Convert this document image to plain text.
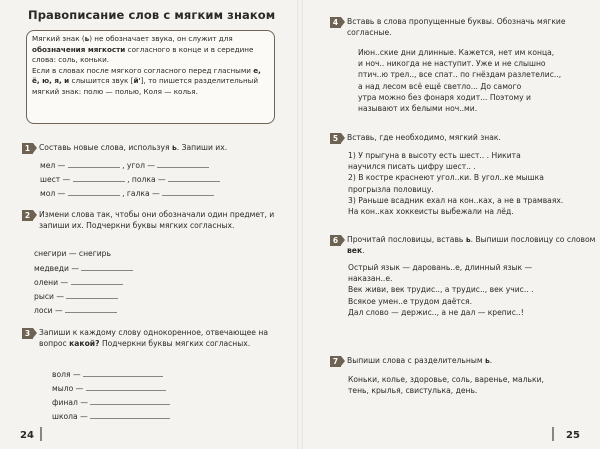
Правописание слов с мягким знаком

Мягкий знак (ь) не обозначает звука, он служит для обозначения мягкости согласного в конце и в середине слова: соль, коньки.

Если в словах после мягкого согласного перед гласными е, ё, ю, я, и слышится звук [й'], то пишется разделительный мягкий знак: полю — полью, Коля — колья.

1	Составь новые слова, используя ь. Запиши их.
мел —	, угол —
шест —	, полка —
мол —	, галка —
2	Измени слова так, чтобы они обозначали один предмет, и запиши их. Подчеркни буквы мягких согласных.
снегири — снегирь
медведи —
олени —
рыси —
лоси —
3	Запиши к каждому слову однокоренное, отвечающее на вопрос какой? Подчеркни буквы мягких согласных.
воля —
мыло —
финал —
школа —
24
4	Вставь в слова пропущенные буквы. Обозначь мягкие согласные.
Июн..ские дни длинные. Кажется, нет им конца,
и ноч.. никогда не наступит. Уже и не слышно
птич..ю трел.., все спат.. по гнёздам разлетелис..,
а над лесом всё ещё светло... До самого
утра можно без фонаря ходит... Поэтому и
называют их белыми ноч..ми.
5	Вставь, где необходимо, мягкий знак.
1) У прыгуна в высоту есть шест.. . Никита
научился писать цифру шест.. .
2) В костре краснеют угол..ки. В угол..ке мышка
прогрызла половицу.
3) Раньше всадник ехал на кон..ках, а не в трамваях.
На кон..ках хоккеисты выбежали на лёд.
6	Прочитай пословицы, вставь ь. Выпиши пословицу со словом век.
Острый язык — даровань..е, длинный язык —
наказан..е.
Век живи, век трудис.., а трудис.., век учис.. .
Всякое умен..е трудом даётся.
Дал слово — держис.., а не дал — крепис..!
7	Выпиши слова с разделительным ь.
Коньки, колье, здоровье, соль, варенье, мальки,
тень, крылья, свистулька, день.
25
